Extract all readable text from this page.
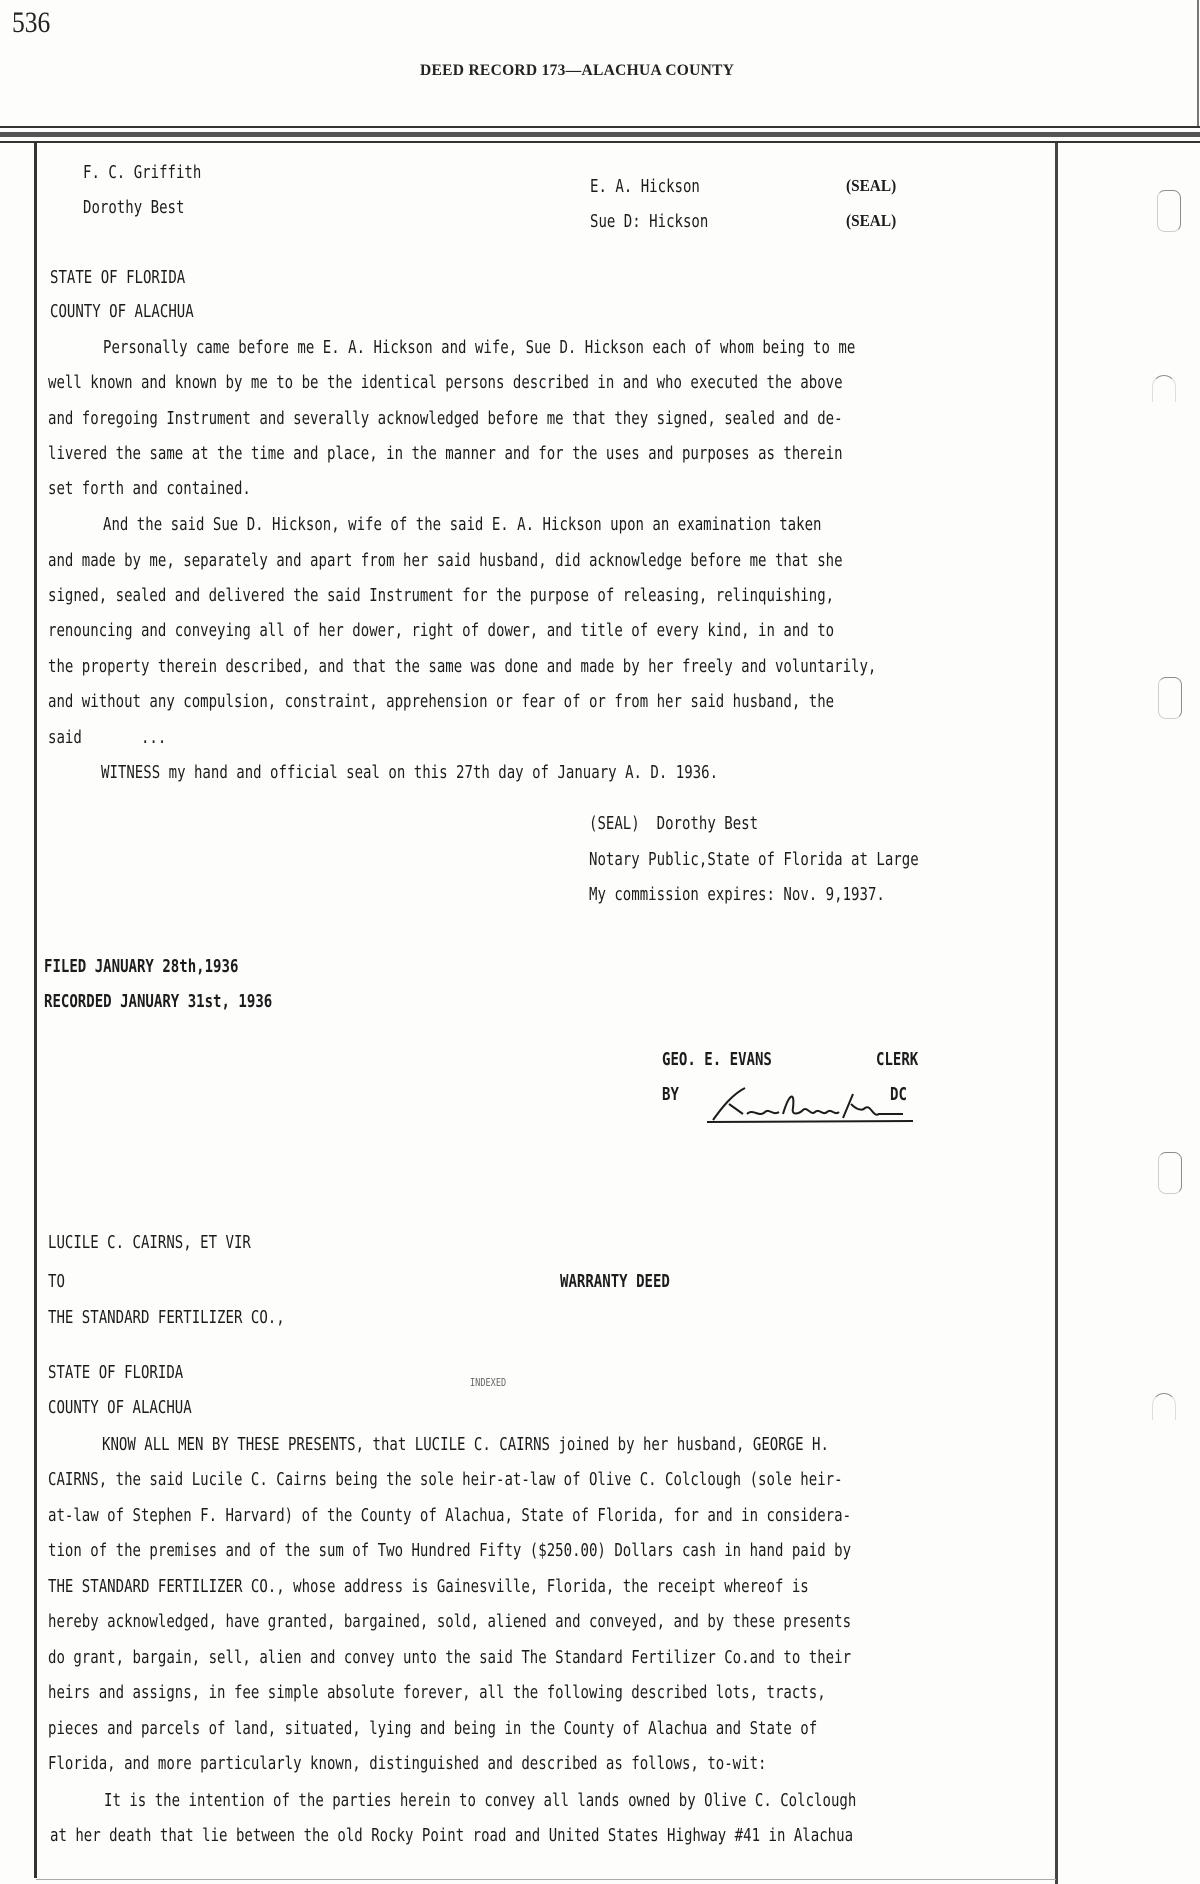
536
DEED RECORD 173—ALACHUA COUNTY
F. C. Griffith
Dorothy Best
E. A. Hickson	(SEAL)
Sue D: Hickson	(SEAL)
STATE OF FLORIDA
COUNTY OF ALACHUA
Personally came before me E. A. Hickson and wife, Sue D. Hickson each of whom being to me
well known and known by me to be the identical persons described in and who executed the above
and foregoing Instrument and severally acknowledged before me that they signed, sealed and de-
livered the same at the time and place, in the manner and for the uses and purposes as therein
set forth and contained.
And the said Sue D. Hickson, wife of the said E. A. Hickson upon an examination taken
and made by me, separately and apart from her said husband, did acknowledge before me that she
signed, sealed and delivered the said Instrument for the purpose of releasing, relinquishing,
renouncing and conveying all of her dower, right of dower, and title of every kind, in and to
the property therein described, and that the same was done and made by her freely and voluntarily,
and without any compulsion, constraint, apprehension or fear of or from her said husband, the
said       ...
WITNESS my hand and official seal on this 27th day of January A. D. 1936.
(SEAL)  Dorothy Best
Notary Public,State of Florida at Large
My commission expires: Nov. 9,1937.
FILED JANUARY 28th,1936
RECORDED JANUARY 31st, 1936
GEO. E. EVANS	CLERK
BY

	DC
LUCILE C. CAIRNS, ET VIR
TO	WARRANTY DEED
THE STANDARD FERTILIZER CO.,
STATE OF FLORIDA
COUNTY OF ALACHUA
INDEXED
KNOW ALL MEN BY THESE PRESENTS, that LUCILE C. CAIRNS joined by her husband, GEORGE H.
CAIRNS, the said Lucile C. Cairns being the sole heir-at-law of Olive C. Colclough (sole heir-
at-law of Stephen F. Harvard) of the County of Alachua, State of Florida, for and in considera-
tion of the premises and of the sum of Two Hundred Fifty ($250.00) Dollars cash in hand paid by
THE STANDARD FERTILIZER CO., whose address is Gainesville, Florida, the receipt whereof is
hereby acknowledged, have granted, bargained, sold, aliened and conveyed, and by these presents
do grant, bargain, sell, alien and convey unto the said The Standard Fertilizer Co.and to their
heirs and assigns, in fee simple absolute forever, all the following described lots, tracts,
pieces and parcels of land, situated, lying and being in the County of Alachua and State of
Florida, and more particularly known, distinguished and described as follows, to-wit:
It is the intention of the parties herein to convey all lands owned by Olive C. Colclough
at her death that lie between the old Rocky Point road and United States Highway #41 in Alachua
